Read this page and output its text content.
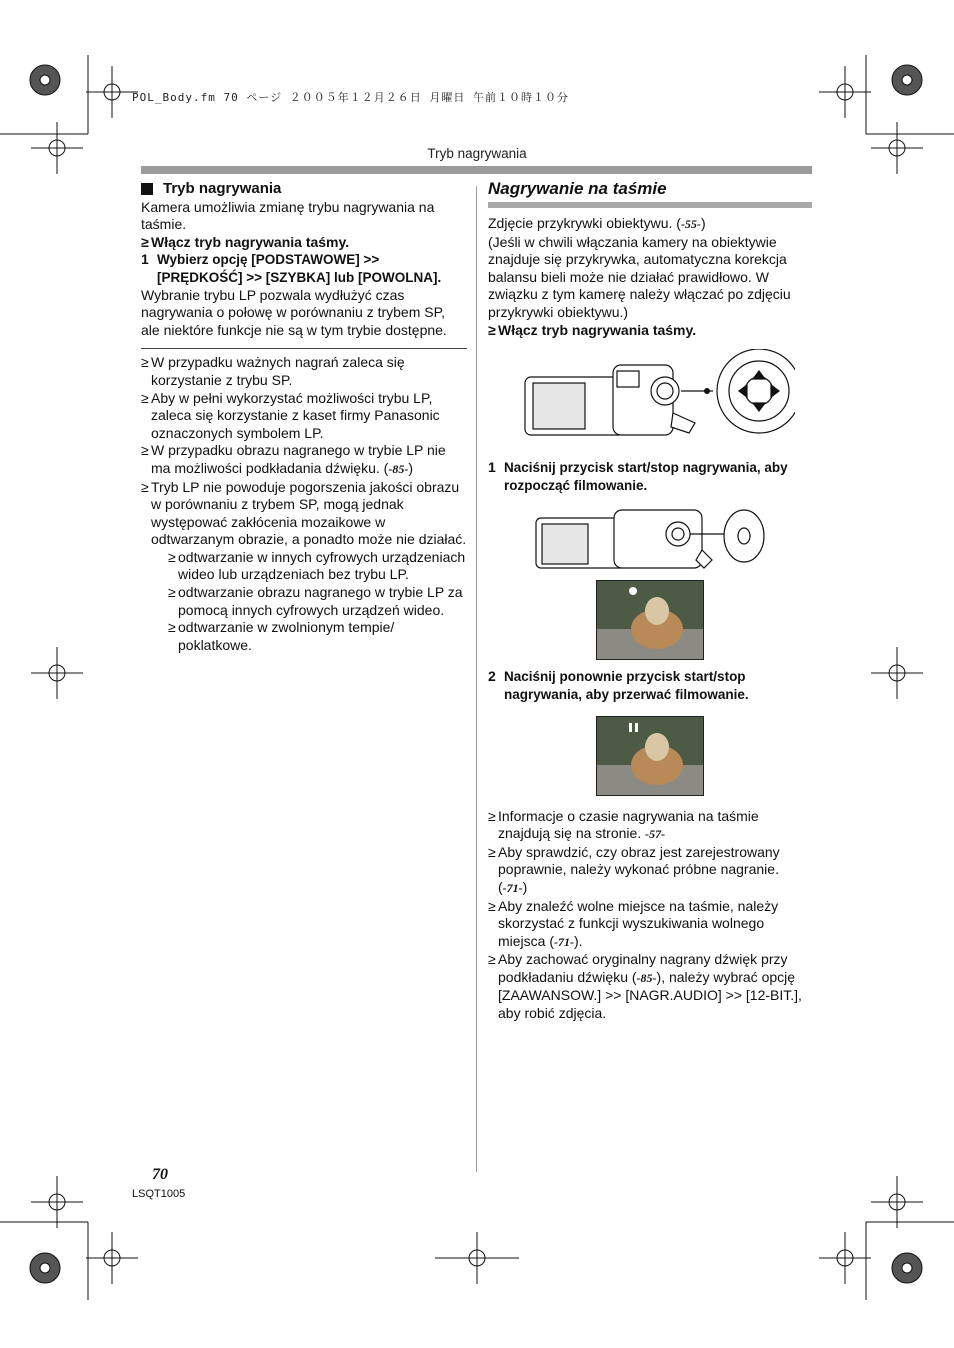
POL_Body.fm 70 ページ ２００５年１２月２６日 月曜日 午前１０時１０分
Tryb nagrywania
Tryb nagrywania

Kamera umożliwia zmianę trybu nagrywania na taśmie.

≥ Włącz tryb nagrywania taśmy.
1 Wybierz opcję [PODSTAWOWE] >> [PRĘDKOŚĆ] >> [SZYBKA] lub [POWOLNA].

Wybranie trybu LP pozwala wydłużyć czas nagrywania o połowę w porównaniu z trybem SP, ale niektóre funkcje nie są w tym trybie dostępne.

≥ W przypadku ważnych nagrań zaleca się korzystanie z trybu SP.
≥ Aby w pełni wykorzystać możliwości trybu LP, zaleca się korzystanie z kaset firmy Panasonic oznaczonych symbolem LP.
≥ W przypadku obrazu nagranego w trybie LP nie ma możliwości podkładania dźwięku. (-85-)
≥ Tryb LP nie powoduje pogorszenia jakości obrazu w porównaniu z trybem SP, mogą jednak występować zakłócenia mozaikowe w odtwarzanym obrazie, a ponadto może nie działać.
≥ odtwarzanie w innych cyfrowych urządzeniach wideo lub urządzeniach bez trybu LP.
≥ odtwarzanie obrazu nagranego w trybie LP za pomocą innych cyfrowych urządzeń wideo.
≥ odtwarzanie w zwolnionym tempie/ poklatkowe.
Nagrywanie na taśmie

Zdjęcie przykrywki obiektywu. (-55-)

(Jeśli w chwili włączania kamery na obiektywie znajduje się przykrywka, automatyczna korekcja balansu bieli może nie działać prawidłowo. W związku z tym kamerę należy włączać po zdjęciu przykrywki obiektywu.)

≥ Włącz tryb nagrywania taśmy.
1 Naciśnij przycisk start/stop nagrywania, aby rozpocząć filmowanie.
2 Naciśnij ponownie przycisk start/stop nagrywania, aby przerwać filmowanie.
≥ Informacje o czasie nagrywania na taśmie znajdują się na stronie. -57-
≥ Aby sprawdzić, czy obraz jest zarejestrowany poprawnie, należy wykonać próbne nagranie. (-71-)
≥ Aby znaleźć wolne miejsce na taśmie, należy skorzystać z funkcji wyszukiwania wolnego miejsca (-71-).
≥ Aby zachować oryginalny nagrany dźwięk przy podkładaniu dźwięku (-85-), należy wybrać opcję [ZAAWANSOW.] >> [NAGR.AUDIO] >> [12-BIT.], aby robić zdjęcia.
70
LSQT1005
